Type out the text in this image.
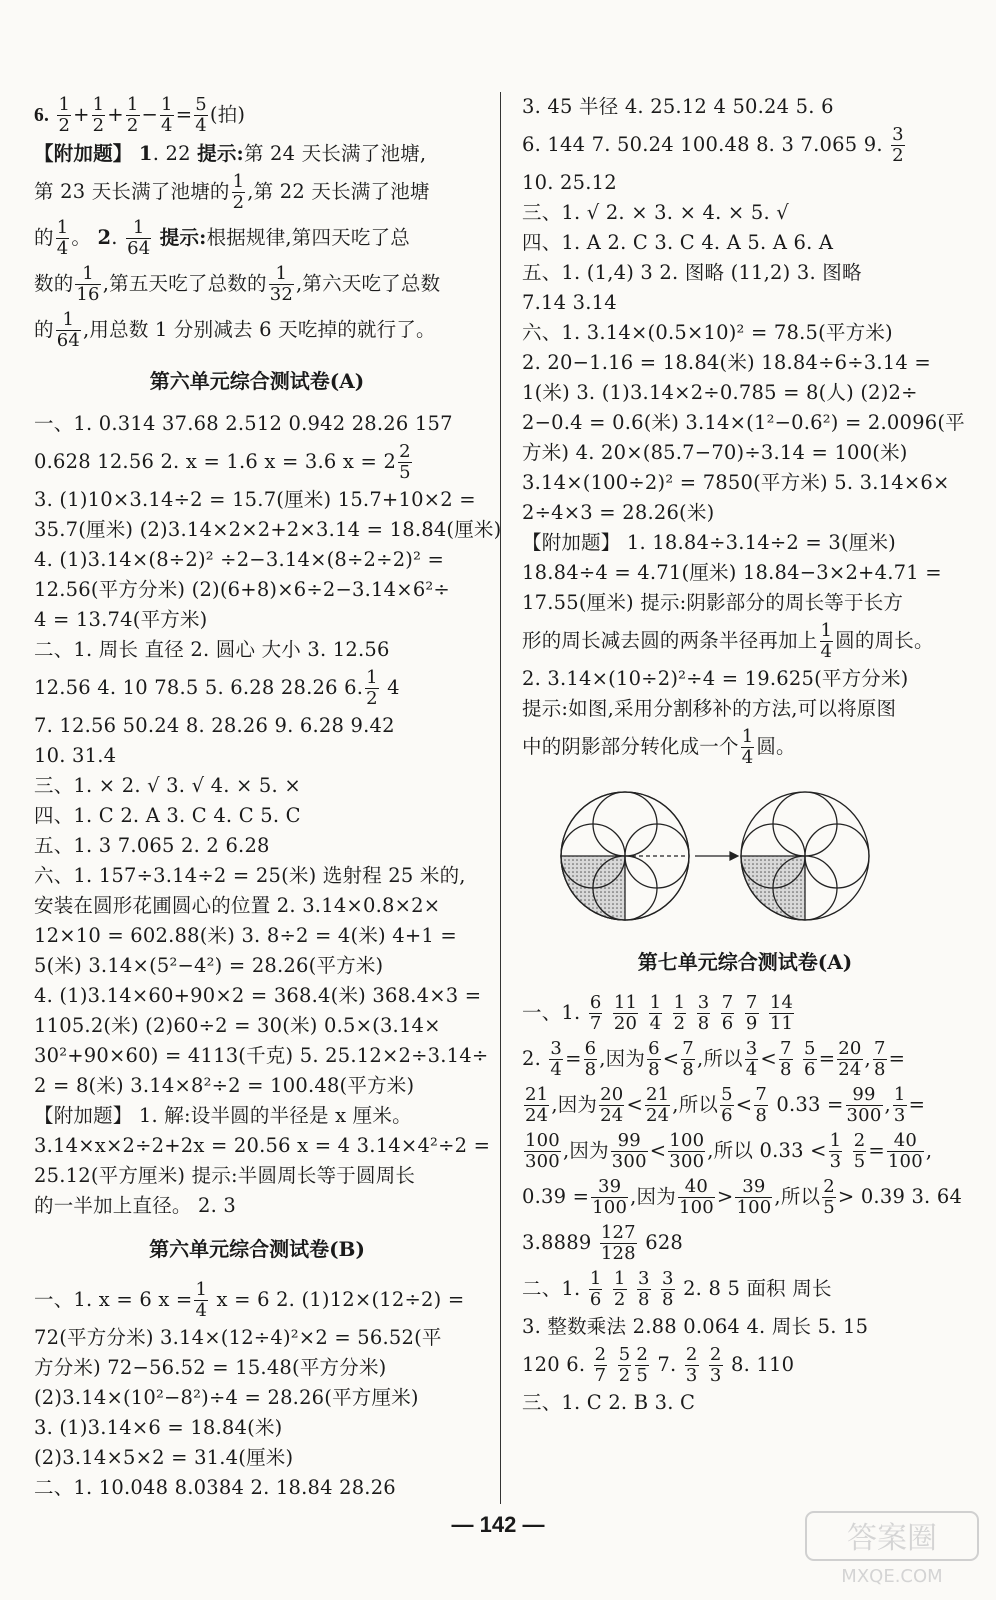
6. $\frac{1}{2} + \frac{1}{2} + \frac{1}{2} - \frac{1}{4} = \frac{5}{4}$ (拍)
【附加题】 1. 22 提示:第 24 天长满了池塘,
第 23 天长满了池塘的 $\frac{1}{2}$ ,第 22 天长满了池塘
的 $\frac{1}{4}$ 。 2. $\frac{1}{64}$ 提示:根据规律,第四天吃了总
数的 $\frac{1}{16}$ ,第五天吃了总数的 $\frac{1}{32}$ ,第六天吃了总数
的 $\frac{1}{64}$ ,用总数 1 分别减去 6 天吃掉的就行了。
第六单元综合测试卷(A)
一、1. 0.314 37.68 2.512 0.942 28.26 157
0.628 12.56 2. x = 1.6 x = 3.6 $x = 2 \frac{2}{5}$
3. (1)10×3.14÷2 = 15.7(厘米) 15.7+10×2 =
35.7(厘米) (2)3.14×2×2+2×3.14 = 18.84(厘米)
4. (1)3.14×(8÷2)² ÷2−3.14×(8÷2÷2)² =
12.56(平方分米) (2)(6+8)×6÷2−3.14×6²÷
4 = 13.74(平方米)
二、1. 周长 直径 2. 圆心 大小 3. 12.56
12.56 4. 10 78.5 5. 6.28 28.26 6. $\frac{1}{2} 4$
7. 12.56 50.24 8. 28.26 9. 6.28 9.42
10. 31.4
三、1. × 2. √ 3. √ 4. × 5. ×
四、1. C 2. A 3. C 4. C 5. C
五、1. 3 7.065 2. 2 6.28
六、1. 157÷3.14÷2 = 25(米) 选射程 25 米的,
安装在圆形花圃圆心的位置 2. 3.14×0.8×2×
12×10 = 602.88(米) 3. 8÷2 = 4(米) 4+1 =
5(米) 3.14×(5²−4²) = 28.26(平方米)
4. (1)3.14×60+90×2 = 368.4(米) 368.4×3 =
1105.2(米) (2)60÷2 = 30(米) 0.5×(3.14×
30²+90×60) = 4113(千克) 5. 25.12×2÷3.14÷
2 = 8(米) 3.14×8²÷2 = 100.48(平方米)
【附加题】 1. 解:设半圆的半径是 x 厘米。
3.14×x×2÷2+2x = 20.56 x = 4 3.14×4²÷2 =
25.12(平方厘米) 提示:半圆周长等于圆周长
的一半加上直径。 2. 3
第六单元综合测试卷(B)
一、1. x = 6 $x = \frac{1}{4}$ x = 6 2. (1)12×(12÷2) =
72(平方分米) 3.14×(12÷4)²×2 = 56.52(平
方分米) 72−56.52 = 15.48(平方分米)
(2)3.14×(10²−8²)÷4 = 28.26(平方厘米)
3. (1)3.14×6 = 18.84(米)
(2)3.14×5×2 = 31.4(厘米)
二、1. 10.048 8.0384 2. 18.84 28.26
3. 45 半径 4. 25.12 4 50.24 5. 6
6. 144 7. 50.24 100.48 8. 3 7.065 9. $\frac{3}{2}$
10. 25.12
三、1. √ 2. × 3. × 4. × 5. √
四、1. A 2. C 3. C 4. A 5. A 6. A
五、1. (1,4) 3 2. 图略 (11,2) 3. 图略
7.14 3.14
六、1. 3.14×(0.5×10)² = 78.5(平方米)
2. 20−1.16 = 18.84(米) 18.84÷6÷3.14 =
1(米) 3. (1)3.14×2÷0.785 = 8(人) (2)2÷
2−0.4 = 0.6(米) 3.14×(1²−0.6²) = 2.0096(平
方米) 4. 20×(85.7−70)÷3.14 = 100(米)
3.14×(100÷2)² = 7850(平方米) 5. 3.14×6×
2÷4×3 = 28.26(米)
【附加题】 1. 18.84÷3.14÷2 = 3(厘米)
18.84÷4 = 4.71(厘米) 18.84−3×2+4.71 =
17.55(厘米) 提示:阴影部分的周长等于长方
形的周长减去圆的两条半径再加上 $\frac{1}{4}$ 圆的周长。
2. 3.14×(10÷2)²÷4 = 19.625(平方分米)
提示:如图,采用分割移补的方法,可以将原图
中的阴影部分转化成一个 $\frac{1}{4}$ 圆。
第七单元综合测试卷(A)
一、1. $\frac{6}{7}$
$\frac{11}{20}$
$\frac{1}{4}$
$\frac{1}{2}$
$\frac{3}{8}$
$\frac{7}{6}$
$\frac{7}{9}$
$\frac{14}{11}$
2. $\frac{3}{4} = \frac{6}{8}$ ,因为 $\frac{6}{8} < \frac{7}{8}$ ,所以 $\frac{3}{4} < \frac{7}{8}$
$\frac{5}{6} = \frac{20}{24}$ , $\frac{7}{8}$ =
$\frac{21}{24}$ ,因为 $\frac{20}{24} < \frac{21}{24}$ ,所以 $\frac{5}{6} < \frac{7}{8} 0.33 = \frac{99}{300}$ , $\frac{1}{3}$ =
$\frac{100}{300}$ ,因为 $\frac{99}{300} < \frac{100}{300}$ ,所以 $0.33 < \frac{1}{3}$
$\frac{2}{5} = \frac{40}{100}$ ,
$0.39 = \frac{39}{100}$ ,因为 $\frac{40}{100} > \frac{39}{100}$ ,所以 $\frac{2}{5} > 0.39$ 3. 64
$3.8889 \frac{127}{128} 628$
二、1. $\frac{1}{6}$
$\frac{1}{2}$
$\frac{3}{8}$
$\frac{3}{8} 2$. 8 5 面积 周长
3. 整数乘法 2.88 0.064 4. 周长 5. 15
120 6. $\frac{2}{7}$
$\frac{5}{2} \frac{2}{5} 7$. $\frac{2}{3}$
$\frac{2}{3} 8$. 110
三、1. C 2. B 3. C
— 142 —	答案圈
MXQE.COM
